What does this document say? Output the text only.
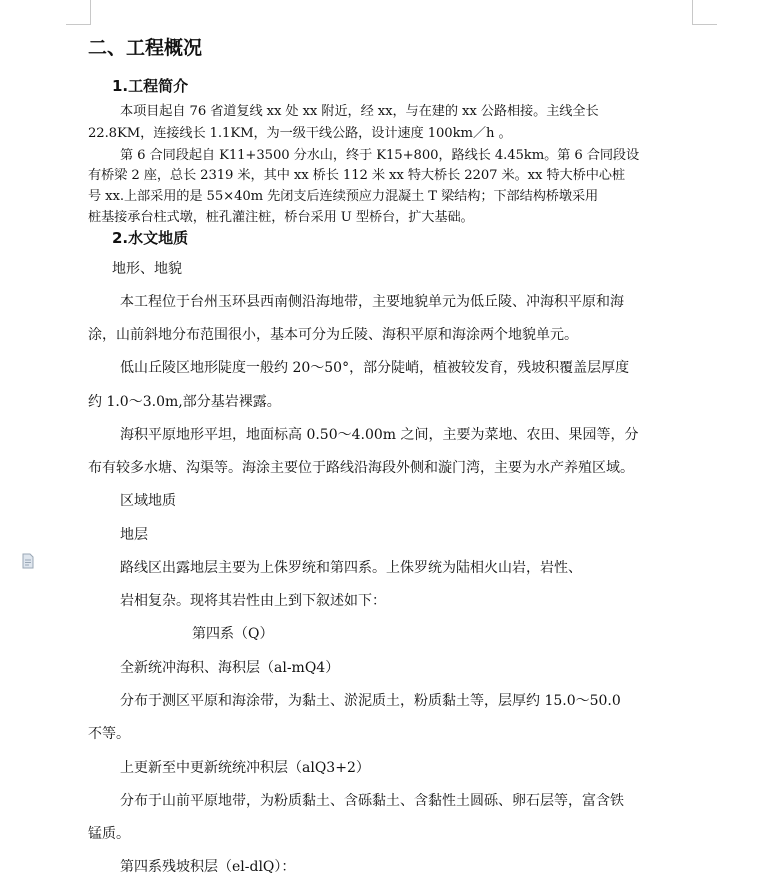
二、工程概况
1.工程简介
本项目起自 76 省道复线 xx 处 xx 附近，经 xx，与在建的 xx 公路相接。主线全长
22.8KM，连接线长 1.1KM，为一级干线公路，设计速度 100km／h 。
第 6 合同段起自 K11+3500 分水山，终于 K15+800，路线长 4.45km。第 6 合同段设
有桥梁 2 座，总长 2319 米，其中 xx 桥长 112 米 xx 特大桥长 2207 米。xx 特大桥中心桩
号 xx.上部采用的是 55×40m 先闭支后连续预应力混凝土 T 梁结构；下部结构桥墩采用
桩基接承台柱式墩，桩孔灌注桩，桥台采用 U 型桥台，扩大基础。
2.水文地质
地形、地貌
本工程位于台州玉环县西南侧沿海地带，主要地貌单元为低丘陵、冲海积平原和海
涂，山前斜地分布范围很小，基本可分为丘陵、海积平原和海涂两个地貌单元。
低山丘陵区地形陡度一般约 20～50°，部分陡峭，植被较发育，残坡积覆盖层厚度
约 1.0～3.0m,部分基岩裸露。
海积平原地形平坦，地面标高 0.50～4.00m 之间，主要为菜地、农田、果园等，分
布有较多水塘、沟渠等。海涂主要位于路线沿海段外侧和漩门湾，主要为水产养殖区域。
区域地质
地层
路线区出露地层主要为上侏罗统和第四系。上侏罗统为陆相火山岩，岩性、
岩相复杂。现将其岩性由上到下叙述如下：
第四系（Q）
全新统冲海积、海积层（al-mQ4）
分布于测区平原和海涂带，为黏土、淤泥质土，粉质黏土等，层厚约 15.0～50.0
不等。
上更新至中更新统统冲积层（alQ3+2）
分布于山前平原地带，为粉质黏土、含砾黏土、含黏性土圆砾、卵石层等，富含铁
锰质。
第四系残坡积层（el-dlQ）：
